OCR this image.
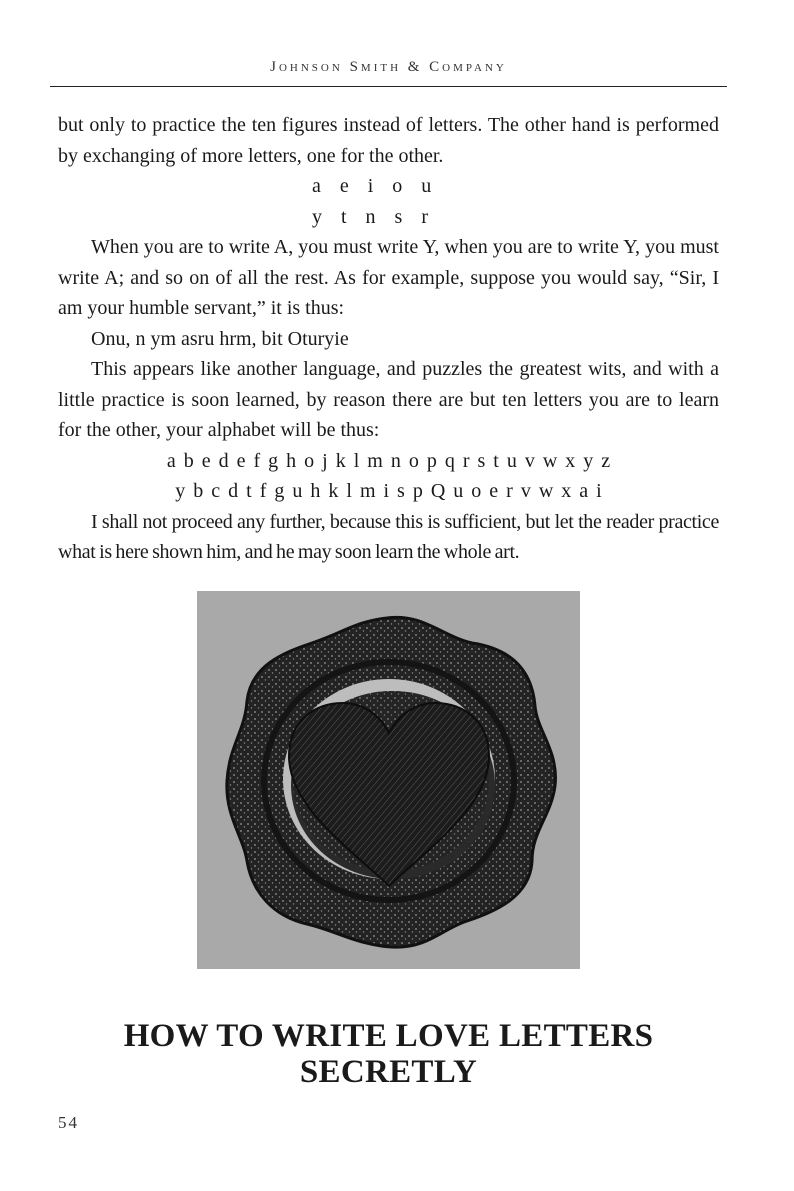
Johnson Smith & Company

but only to practice the ten figures instead of letters. The other hand is performed by exchanging of more letters, one for the other.

a e i o u

y t n s r

When you are to write A, you must write Y, when you are to write Y, you must write A; and so on of all the rest. As for example, suppose you would say, “Sir, I am your humble servant,” it is thus:

Onu, n ym asru hrm, bit Oturyie

This appears like another language, and puzzles the greatest wits, and with a little practice is soon learned, by reason there are but ten letters you are to learn for the other, your alphabet will be thus:

a b e d e f g h o j k l m n o p q r s t u v w x y z

y b c d t f g u h k l m i s p Q u o e r v w x a i

I shall not proceed any further, because this is sufficient, but let the reader practice what is here shown him, and he may soon learn the whole art.

HOW TO WRITE LOVE LETTERS
SECRETLY
54
